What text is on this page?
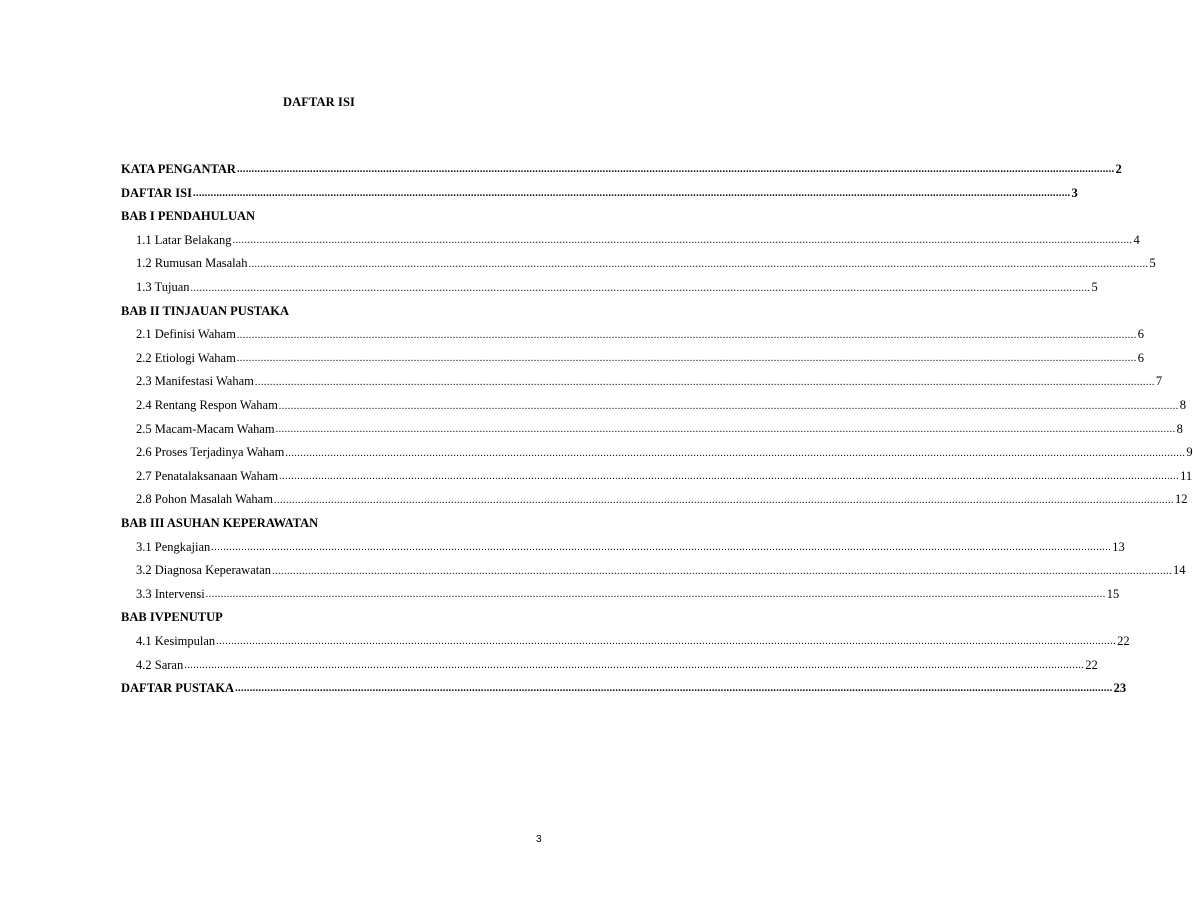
DAFTAR ISI
KATA PENGANTAR ............................................................................................................................................................................................................................................................................................................ 2
DAFTAR ISI ............................................................................................................................................................................................................................................................................................................ 3
BAB I PENDAHULUAN
1.1 Latar Belakang ............................................................................................................................................................................................................................................................................................................ 4
1.2 Rumusan Masalah ............................................................................................................................................................................................................................................................................................................ 5
1.3 Tujuan ............................................................................................................................................................................................................................................................................................................ 5
BAB II TINJAUAN PUSTAKA
2.1 Definisi Waham ............................................................................................................................................................................................................................................................................................................ 6
2.2 Etiologi Waham ............................................................................................................................................................................................................................................................................................................ 6
2.3 Manifestasi Waham ............................................................................................................................................................................................................................................................................................................ 7
2.4 Rentang Respon Waham ............................................................................................................................................................................................................................................................................................................ 8
2.5 Macam-Macam Waham ............................................................................................................................................................................................................................................................................................................ 8
2.6 Proses Terjadinya Waham ............................................................................................................................................................................................................................................................................................................ 9
2.7 Penatalaksanaan Waham ............................................................................................................................................................................................................................................................................................................ 11
2.8 Pohon Masalah Waham ............................................................................................................................................................................................................................................................................................................ 12
BAB III ASUHAN KEPERAWATAN
3.1 Pengkajian ............................................................................................................................................................................................................................................................................................................ 13
3.2 Diagnosa Keperawatan ............................................................................................................................................................................................................................................................................................................ 14
3.3 Intervensi ............................................................................................................................................................................................................................................................................................................ 15
BAB IVPENUTUP
4.1 Kesimpulan ............................................................................................................................................................................................................................................................................................................ 22
4.2 Saran ............................................................................................................................................................................................................................................................................................................ 22
DAFTAR PUSTAKA ............................................................................................................................................................................................................................................................................................................ 23
3
